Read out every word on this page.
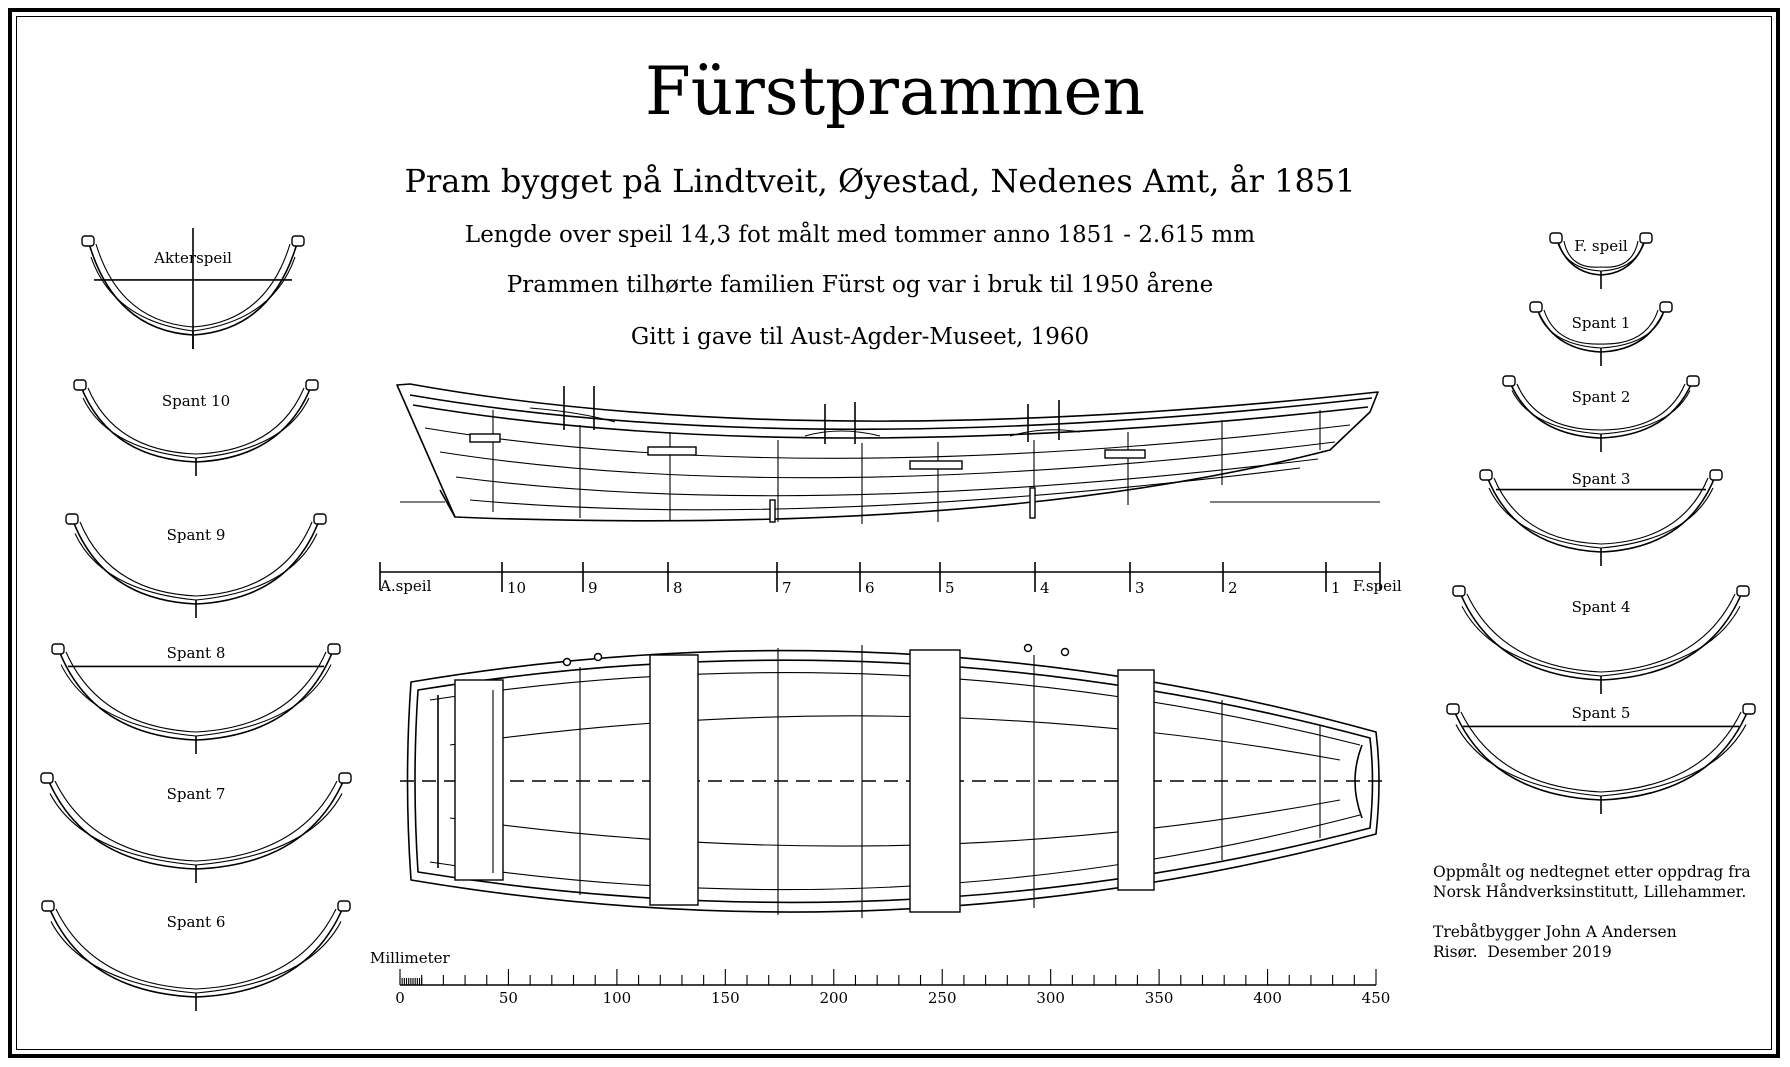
Fürstprammen
Pram bygget på Lindtveit, Øyestad, Nedenes Amt, år 1851
Lengde over speil 14,3 fot målt med tommer anno 1851 - 2.615 mm
Prammen tilhørte familien Fürst og var i bruk til 1950 årene
Gitt i gave til Aust-Agder-Museet, 1960
Oppmålt og nedtegnet etter oppdrag fra
Norsk Håndverksinstitutt, Lillehammer.

Trebåtbygger John A Andersen
Risør.  Desember 2019
A.speil	10	9	8	7	6	5	4	3	2	1 F.speil
Millimeter
0	50	100	150	200	250	300	350	400	450
Akterspeil
Spant 10
Spant 9
Spant 8
Spant 7
Spant 6
F. speil
Spant 1
Spant 2
Spant 3
Spant 4
Spant 5
